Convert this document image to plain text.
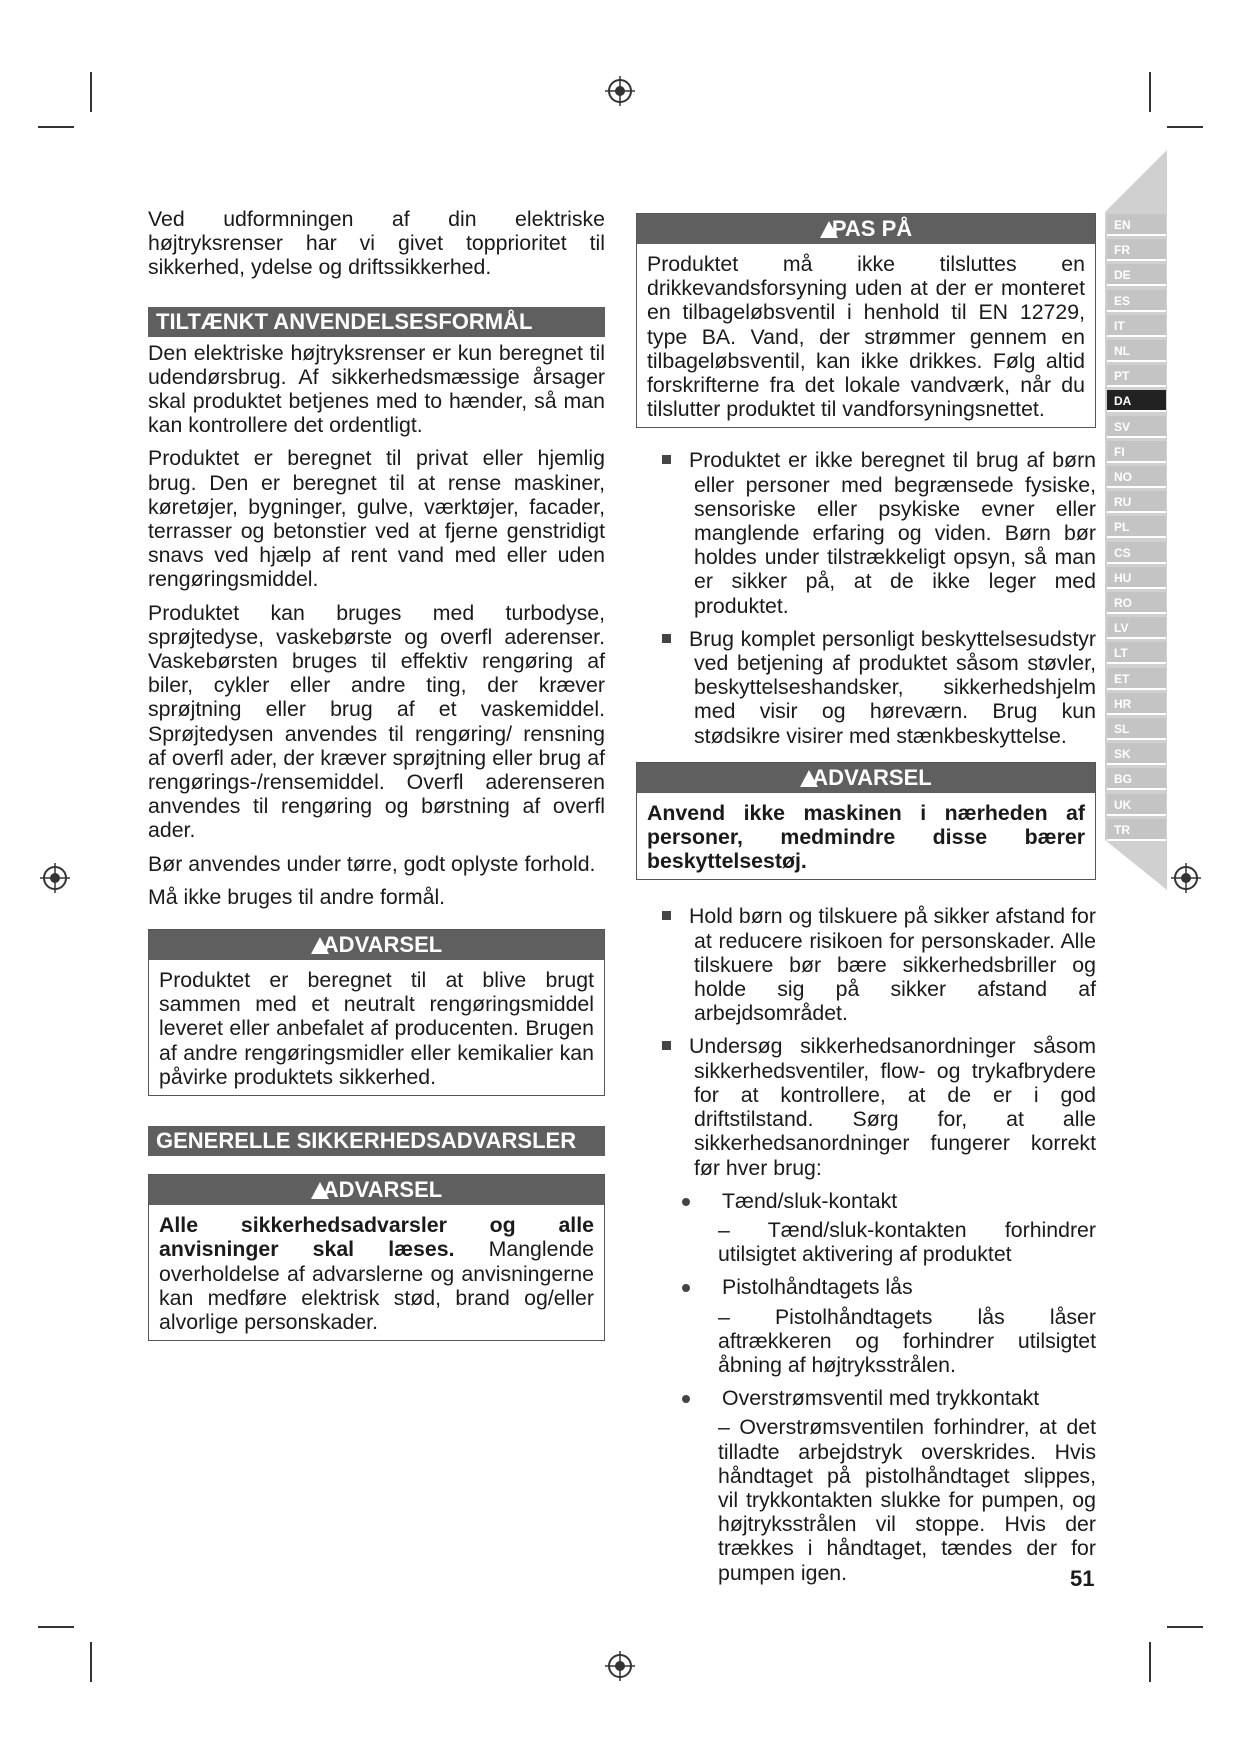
EN
FR
DE
ES
IT
NL
PT
DA
SV
FI
NO
RU
PL
CS
HU
RO
LV
LT
ET
HR
SL
SK
BG
UK
TR

Ved udformningen af din elektriske højtryksrenser har vi givet topprioritet til sikkerhed, ydelse og driftssikkerhed.

TILTÆNKT ANVENDELSESFORMÅL

Den elektriske højtryksrenser er kun beregnet til udendørsbrug. Af sikkerhedsmæssige årsager skal produktet betjenes med to hænder, så man kan kontrollere det ordentligt.

Produktet er beregnet til privat eller hjemlig brug. Den er beregnet til at rense maskiner, køretøjer, bygninger, gulve, værktøjer, facader, terrasser og betonstier ved at fjerne genstridigt snavs ved hjælp af rent vand med eller uden rengøringsmiddel.

Produktet kan bruges med turbodyse, sprøjtedyse, vaskebørste og overfl aderenser. Vaskebørsten bruges til effektiv rengøring af biler, cykler eller andre ting, der kræver sprøjtning eller brug af et vaskemiddel. Sprøjtedysen anvendes til rengøring/ rensning af overfl ader, der kræver sprøjtning eller brug af rengørings-/rensemiddel. Overfl aderenseren anvendes til rengøring og børstning af overfl ader.

Bør anvendes under tørre, godt oplyste forhold.

Må ikke bruges til andre formål.

ADVARSEL
Produktet er beregnet til at blive brugt sammen med et neutralt rengøringsmiddel leveret eller anbefalet af producenten. Brugen af andre rengøringsmidler eller kemikalier kan påvirke produktets sikkerhed.
GENERELLE SIKKERHEDSADVARSLER
ADVARSEL
Alle sikkerhedsadvarsler og alle anvisninger skal læses. Manglende overholdelse af advarslerne og anvisningerne kan medføre elektrisk stød, brand og/eller alvorlige personskader.
PAS PÅ
Produktet må ikke tilsluttes en drikkevandsforsyning uden at der er monteret en tilbageløbsventil i henhold til EN 12729, type BA. Vand, der strømmer gennem en tilbageløbsventil, kan ikke drikkes. Følg altid forskrifterne fra det lokale vandværk, når du tilslutter produktet til vandforsyningsnettet.

Produktet er ikke beregnet til brug af børn eller personer med begrænsede fysiske, sensoriske eller psykiske evner eller manglende erfaring og viden. Børn bør holdes under tilstrækkeligt opsyn, så man er sikker på, at de ikke leger med produktet.

Brug komplet personligt beskyttelsesudstyr ved betjening af produktet såsom støvler, beskyttelseshandsker, sikkerhedshjelm med visir og høreværn. Brug kun stødsikre visirer med stænkbeskyttelse.

ADVARSEL
Anvend ikke maskinen i nærheden af personer, medmindre disse bærer beskyttelsestøj.

Hold børn og tilskuere på sikker afstand for at reducere risikoen for personskader. Alle tilskuere bør bære sikkerhedsbriller og holde sig på sikker afstand af arbejdsområdet.

Undersøg sikkerhedsanordninger såsom sikkerhedsventiler, flow- og trykafbrydere for at kontrollere, at de er i god driftstilstand. Sørg for, at alle sikkerhedsanordninger fungerer korrekt før hver brug:

Tænd/sluk-kontakt

– Tænd/sluk-kontakten forhindrer utilsigtet aktivering af produktet

Pistolhåndtagets lås

– Pistolhåndtagets lås låser aftrækkeren og forhindrer utilsigtet åbning af højtryksstrålen.

Overstrømsventil med trykkontakt

– Overstrømsventilen forhindrer, at det tilladte arbejdstryk overskrides. Hvis håndtaget på pistolhåndtaget slippes, vil trykkontakten slukke for pumpen, og højtryksstrålen vil stoppe. Hvis der trækkes i håndtaget, tændes der for pumpen igen.	51
